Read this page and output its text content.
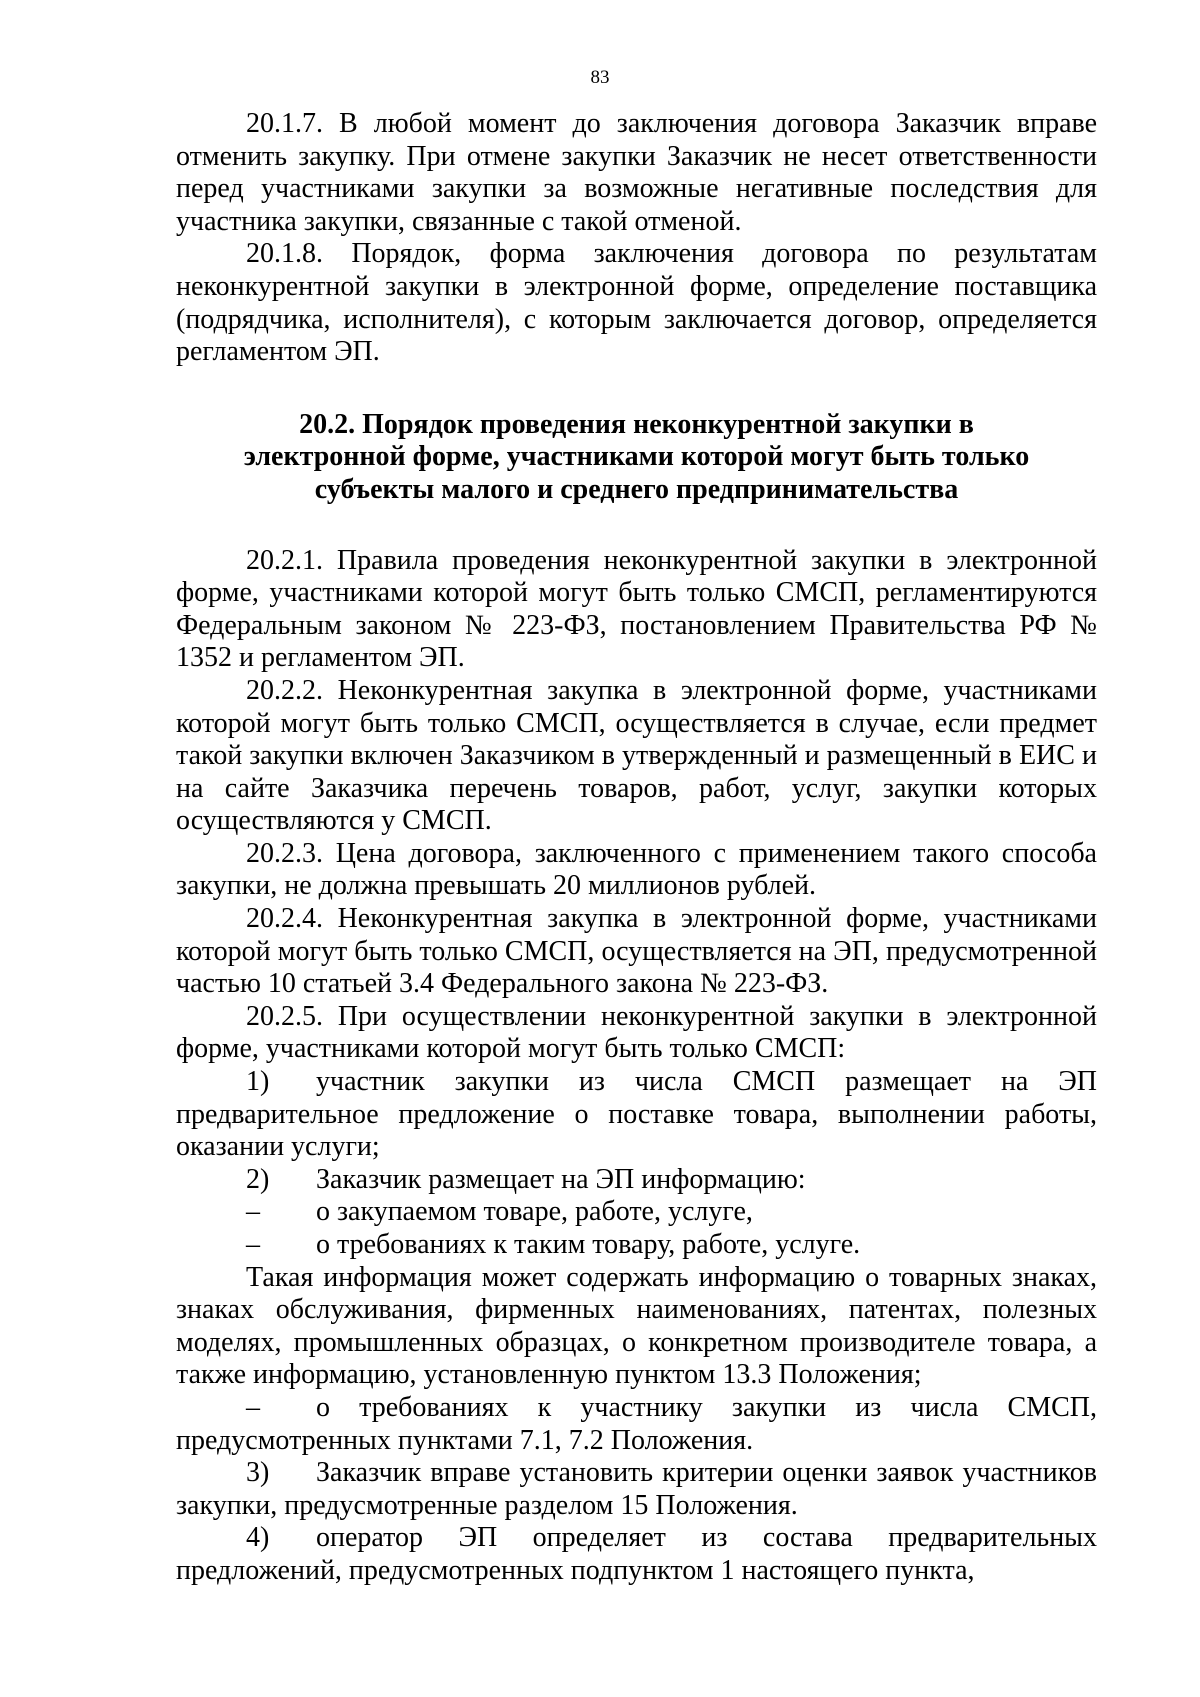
83

20.1.7. В любой момент до заключения договора Заказчик вправе отменить закупку. При отмене закупки Заказчик не несет ответственности перед участниками закупки за возможные негативные последствия для участника закупки, связанные с такой отменой.

20.1.8. Порядок, форма заключения договора по результатам неконкурентной закупки в электронной форме, определение поставщика (подрядчика, исполнителя), с которым заключается договор, определяется регламентом ЭП.

20.2. Порядок проведения неконкурентной закупки в
электронной форме, участниками которой могут быть только
субъекты малого и среднего предпринимательства

20.2.1. Правила проведения неконкурентной закупки в электронной форме, участниками которой могут быть только СМСП, регламентируются Федеральным законом № 223-ФЗ, постановлением Правительства РФ № 1352 и регламентом ЭП.

20.2.2. Неконкурентная закупка в электронной форме, участниками которой могут быть только СМСП, осуществляется в случае, если предмет такой закупки включен Заказчиком в утвержденный и размещенный в ЕИС и на сайте Заказчика перечень товаров, работ, услуг, закупки которых осуществляются у СМСП.

20.2.3. Цена договора, заключенного с применением такого способа закупки, не должна превышать 20 миллионов рублей.

20.2.4. Неконкурентная закупка в электронной форме, участниками которой могут быть только СМСП, осуществляется на ЭП, предусмотренной частью 10 статьей 3.4 Федерального закона № 223-ФЗ.

20.2.5. При осуществлении неконкурентной закупки в электронной форме, участниками которой могут быть только СМСП:

1) участник закупки из числа СМСП размещает на ЭП предварительное предложение о поставке товара, выполнении работы, оказании услуги;

2) Заказчик размещает на ЭП информацию:

– о закупаемом товаре, работе, услуге,

– о требованиях к таким товару, работе, услуге.

Такая информация может содержать информацию о товарных знаках, знаках обслуживания, фирменных наименованиях, патентах, полезных моделях, промышленных образцах, о конкретном производителе товара, а также информацию, установленную пунктом 13.3 Положения;

– о требованиях к участнику закупки из числа СМСП, предусмотренных пунктами 7.1, 7.2 Положения.

3) Заказчик вправе установить критерии оценки заявок участников закупки, предусмотренные разделом 15 Положения.

4) оператор ЭП определяет из состава предварительных предложений, предусмотренных подпунктом 1 настоящего пункта,
